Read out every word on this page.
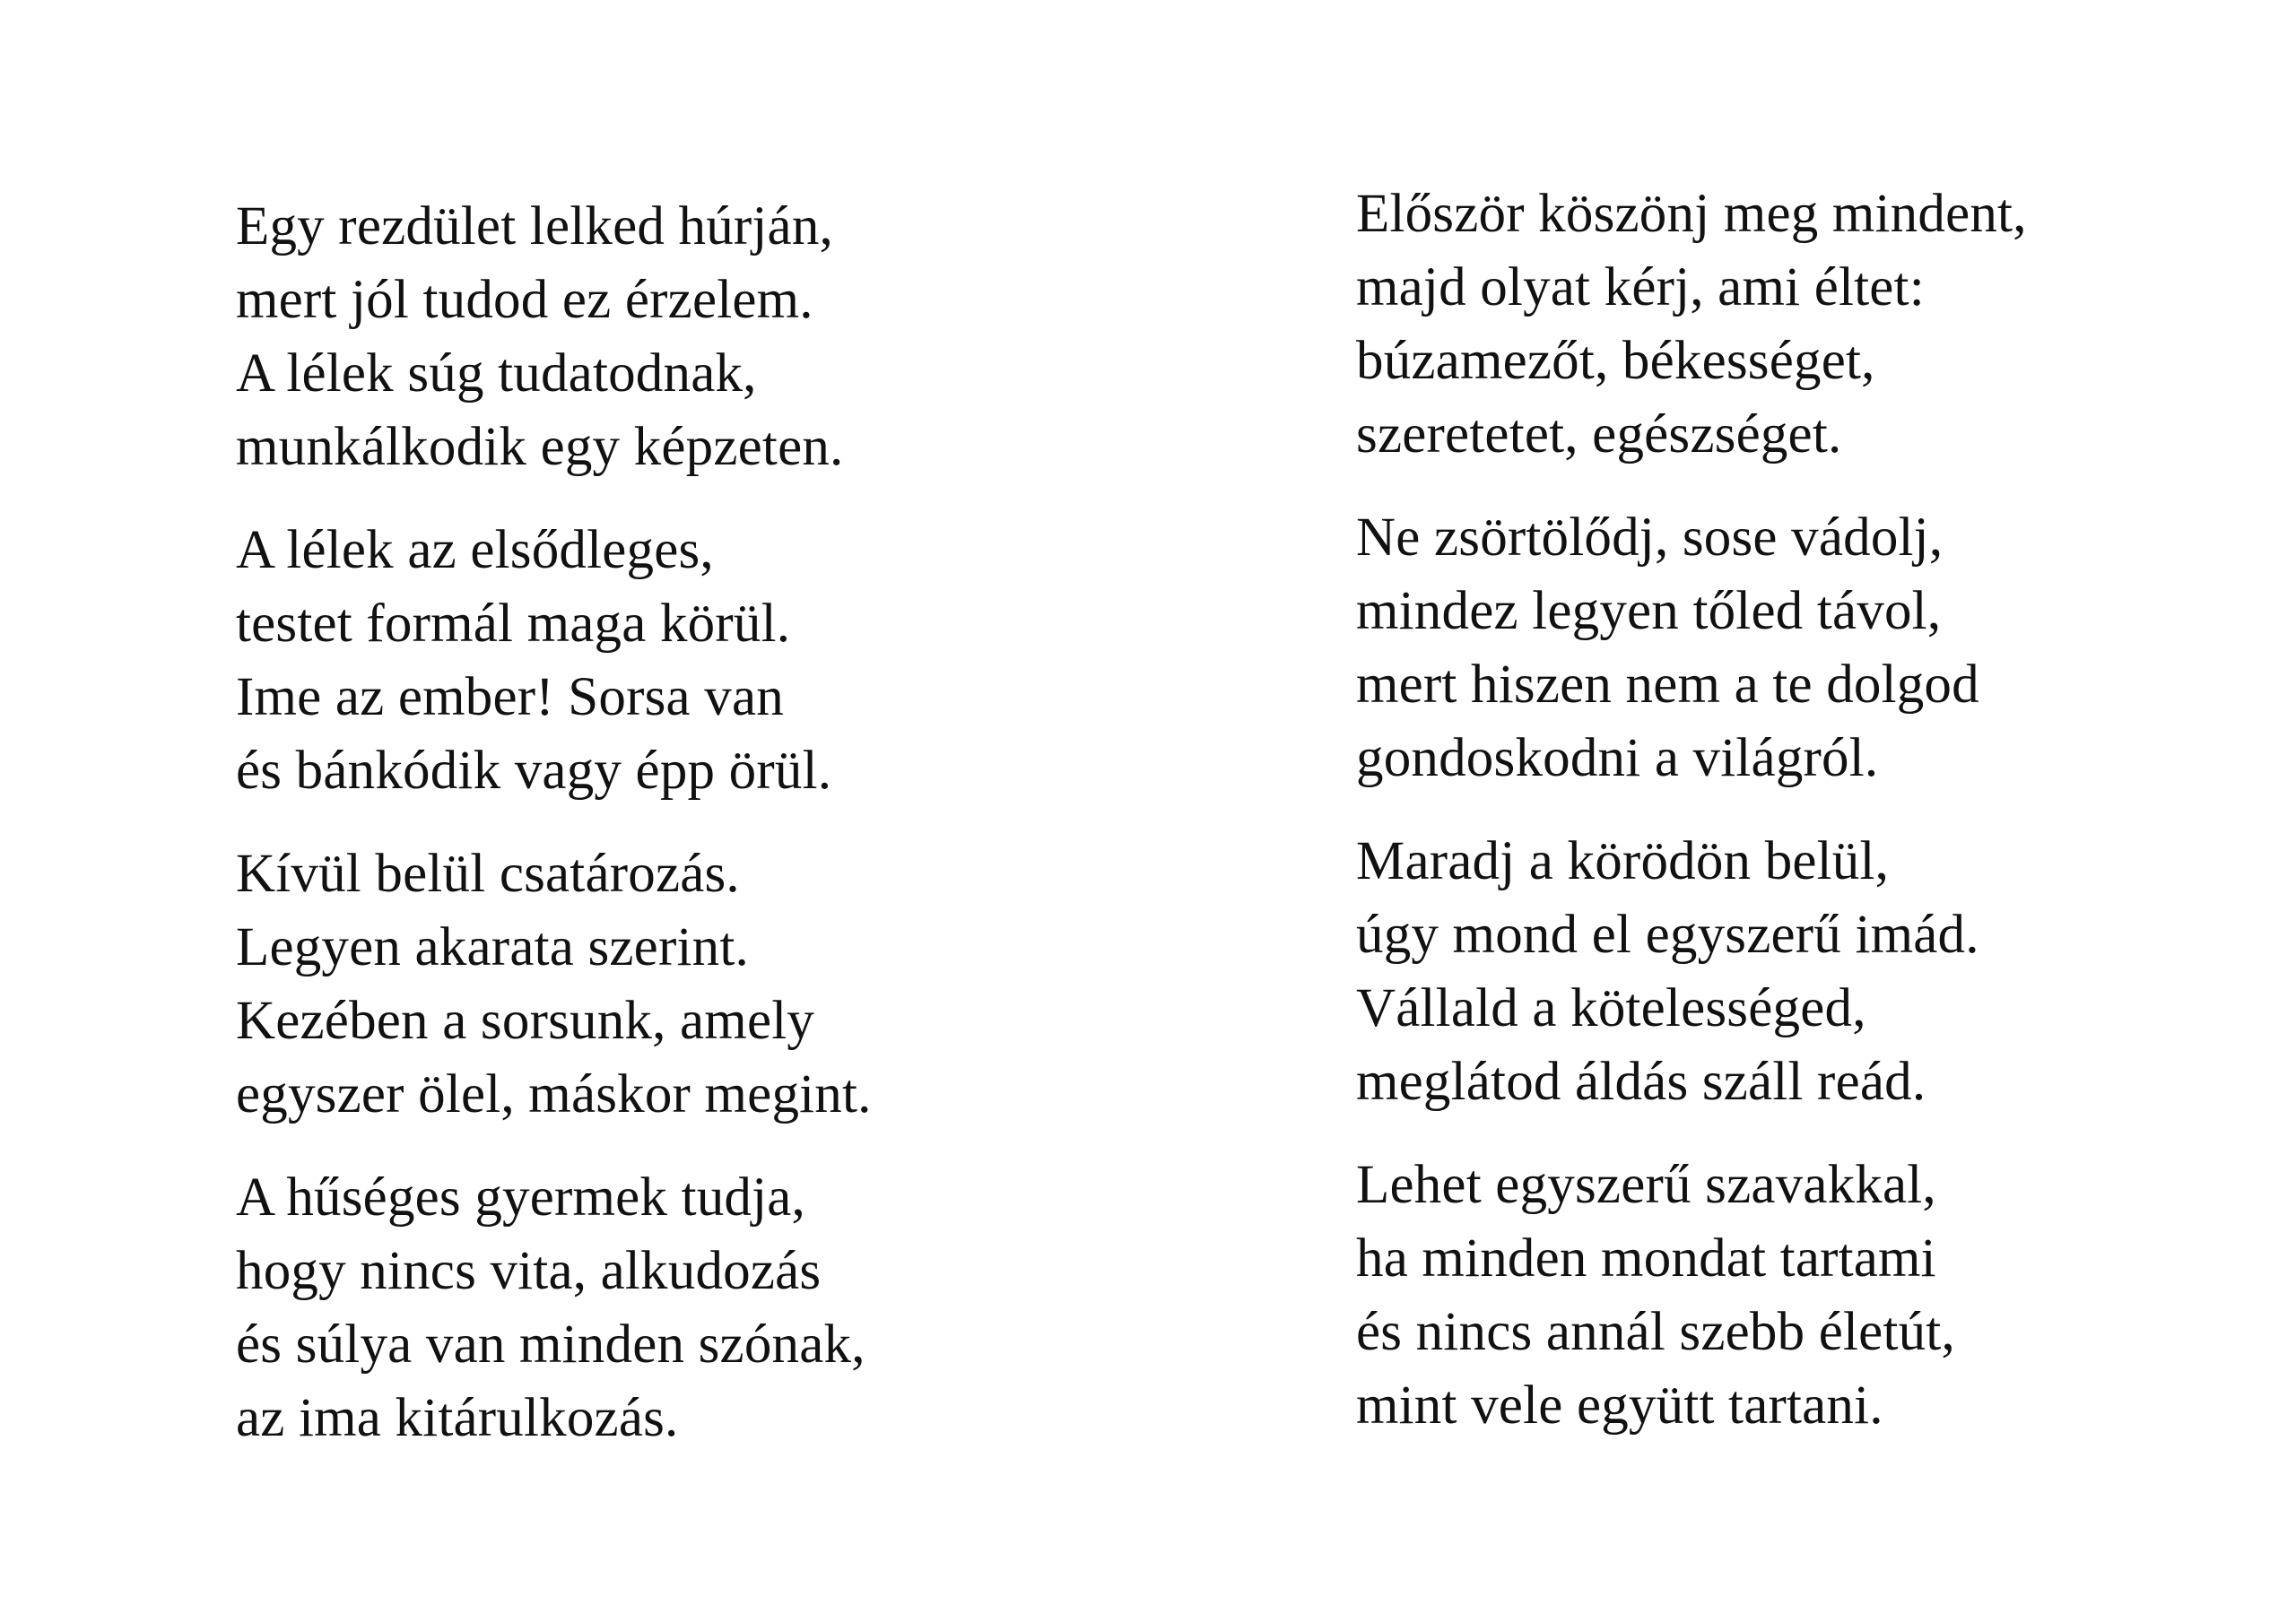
Egy rezdület lelked húrján,
mert jól tudod ez érzelem.
A lélek súg tudatodnak,
munkálkodik egy képzeten.
A lélek az elsődleges,
testet formál maga körül.
Ime az ember! Sorsa van
és bánkódik vagy épp örül.
Kívül belül csatározás.
Legyen akarata szerint.
Kezében a sorsunk, amely
egyszer ölel, máskor megint.
A hűséges gyermek tudja,
hogy nincs vita, alkudozás
és súlya van minden szónak,
az ima kitárulkozás.
Először köszönj meg mindent,
majd olyat kérj, ami éltet:
búzamezőt, békességet,
szeretetet, egészséget.
Ne zsörtölődj, sose vádolj,
mindez legyen tőled távol,
mert hiszen nem a te dolgod
gondoskodni a világról.
Maradj a körödön belül,
úgy mond el egyszerű imád.
Vállald a kötelességed,
meglátod áldás száll reád.
Lehet egyszerű szavakkal,
ha minden mondat tartami
és nincs annál szebb életút,
mint vele együtt tartani.
